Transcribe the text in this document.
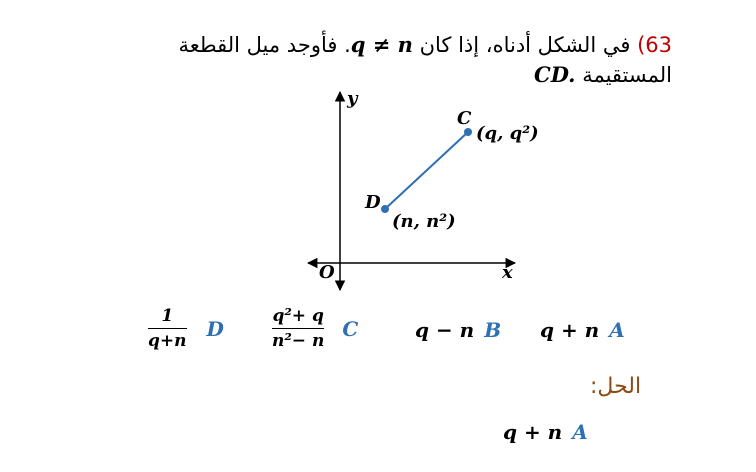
63) في الشكل أدناه، إذا كان q ≠ n. فأوجد ميل القطعة المستقيمة CD.
y
x
O
C
(q, q²)
D
(n, n²)
q + n A
q − n B
$\frac{\text{q²+ q}}{\text{n²− n}}$ C
$\frac{1}{q+n}$ D
الحل:
q + n A
